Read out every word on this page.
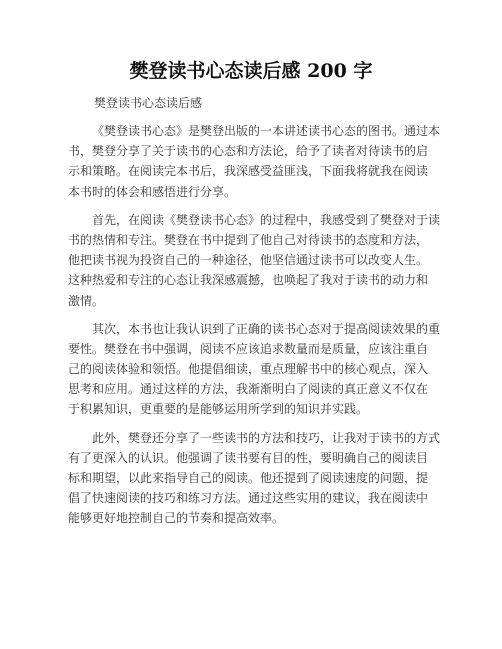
樊登读书心态读后感 200 字
樊登读书心态读后感
《樊登读书心态》是樊登出版的一本讲述读书心态的图书。通过本
书，樊登分享了关于读书的心态和方法论，给予了读者对待读书的启
示和策略。在阅读完本书后，我深感受益匪浅，下面我将就我在阅读
本书时的体会和感悟进行分享。
首先，在阅读《樊登读书心态》的过程中，我感受到了樊登对于读
书的热情和专注。樊登在书中提到了他自己对待读书的态度和方法，
他把读书视为投资自己的一种途径，他坚信通过读书可以改变人生。
这种热爱和专注的心态让我深感震撼，也唤起了我对于读书的动力和
激情。
其次，本书也让我认识到了正确的读书心态对于提高阅读效果的重
要性。樊登在书中强调，阅读不应该追求数量而是质量，应该注重自
己的阅读体验和领悟。他提倡细读，重点理解书中的核心观点，深入
思考和应用。通过这样的方法，我渐渐明白了阅读的真正意义不仅在
于积累知识，更重要的是能够运用所学到的知识并实践。
此外，樊登还分享了一些读书的方法和技巧，让我对于读书的方式
有了更深入的认识。他强调了读书要有目的性，要明确自己的阅读目
标和期望，以此来指导自己的阅读。他还提到了阅读速度的问题，提
倡了快速阅读的技巧和练习方法。通过这些实用的建议，我在阅读中
能够更好地控制自己的节奏和提高效率。
